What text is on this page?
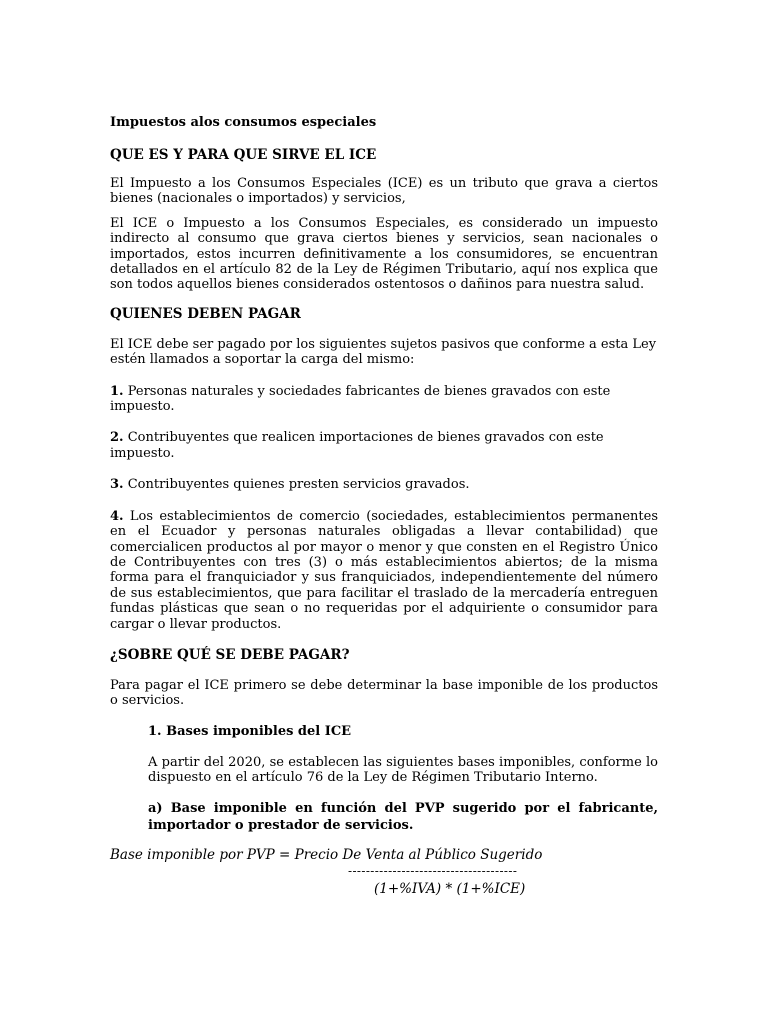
Impuestos alos consumos especiales
QUE ES Y PARA QUE SIRVE EL ICE

El Impuesto a los Consumos Especiales (ICE) es un tributo que grava a ciertos bienes (nacionales o importados) y servicios,

El ICE o Impuesto a los Consumos Especiales, es considerado un impuesto indirecto al consumo que grava ciertos bienes y servicios, sean nacionales o importados, estos incurren definitivamente a los consumidores, se encuentran detallados en el artículo 82 de la Ley de Régimen Tributario, aquí nos explica que son todos aquellos bienes considerados ostentosos o dañinos para nuestra salud.

QUIENES DEBEN PAGAR

El ICE debe ser pagado por los siguientes sujetos pasivos que conforme a esta Ley estén llamados a soportar la carga del mismo:

1. Personas naturales y sociedades fabricantes de bienes gravados con este impuesto.

2. Contribuyentes que realicen importaciones de bienes gravados con este impuesto.

3. Contribuyentes quienes presten servicios gravados.

4. Los establecimientos de comercio (sociedades, establecimientos permanentes en el Ecuador y personas naturales obligadas a llevar contabilidad) que comercialicen productos al por mayor o menor y que consten en el Registro Único de Contribuyentes con tres (3) o más establecimientos abiertos; de la misma forma para el franquiciador y sus franquiciados, independientemente del número de sus establecimientos, que para facilitar el traslado de la mercadería entreguen fundas plásticas que sean o no requeridas por el adquiriente o consumidor para cargar o llevar productos.

¿SOBRE QUÉ SE DEBE PAGAR?

Para pagar el ICE primero se debe determinar la base imponible de los productos o servicios.

1. Bases imponibles del ICE

A partir del 2020, se establecen las siguientes bases imponibles, conforme lo dispuesto en el artículo 76 de la Ley de Régimen Tributario Interno.

a) Base imponible en función del PVP sugerido por el fabricante, importador o prestador de servicios.
Base imponible por PVP = Precio De Venta al Público Sugerido
--------------------------------------
(1+%IVA) * (1+%ICE)
